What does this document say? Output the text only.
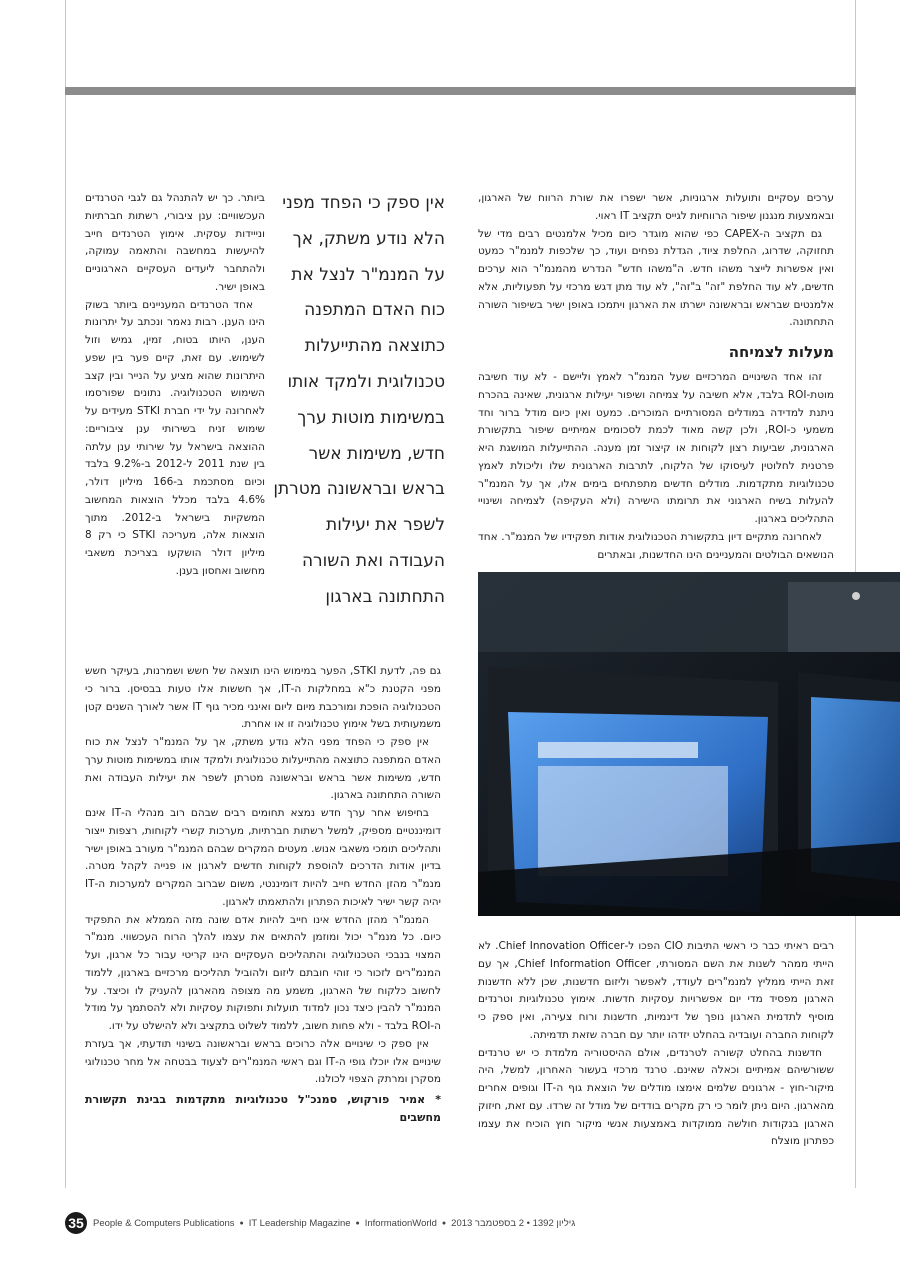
ערכים עסקיים ותועלות ארגוניות, אשר ישפרו את שורת הרווח של הארגון, ובאמצעות מנגנון שיפור הרווחיות לגייס תקציב IT ראוי.

גם תקציב ה-CAPEX כפי שהוא מוגדר כיום מכיל אלמנטים רבים מדי של תחזוקה, שדרוג, החלפת ציוד, הגדלת נפחים ועוד, כך שלכפות למנמ"ר כמעט ואין אפשרות לייצר משהו חדש. ה"משהו חדש" הנדרש מהמנמ"ר הוא ערכים חדשים, לא עוד החלפת "זה" ב"זה", לא עוד מתן דגש מרכזי על תפעוליות, אלא אלמנטים שבראש ובראשונה ישרתו את הארגון ויתמכו באופן ישיר בשיפור השורה התחתונה.

מעלות לצמיחה

זהו אחד השינויים המרכזיים שעל המנמ"ר לאמץ וליישם - לא עוד חשיבה מוטת-ROI בלבד, אלא חשיבה על צמיחה ושיפור יעילות ארגונית, שאינה בהכרח ניתנת למדידה במודלים המסורתיים המוכרים. כמעט ואין כיום מודל ברור וחד משמעי כ-ROI, ולכן קשה מאוד לכמת לסכומים אמיתיים שיפור בתקשורת הארגונית, שביעות רצון לקוחות או קיצור זמן מענה. ההתייעלות המושגת היא פרטנית לחלוטין לעיסוקו של הלקוח, לתרבות הארגונית שלו וליכולת לאמץ טכנולוגיות מתקדמות. מודלים חדשים מתפתחים בימים אלו, אך על המנמ"ר להעלות בשיח הארגוני את תרומתו הישירה (ולא העקיפה) לצמיחה ושינויי התהליכים בארגון.

לאחרונה מתקיים דיון בתקשורת הטכנולוגית אודות תפקידיו של המנמ"ר. אחד הנושאים הבולטים והמעניינים הינו החדשנות, ובאתרים

רבים ראיתי כבר כי ראשי התיבות CIO הפכו ל-Chief Innovation Officer. לא הייתי ממהר לשנות את השם המסורתי, Chief Information Officer, אך עם זאת הייתי ממליץ למנמ"רים לעודד, לאפשר וליזום חדשנות, שכן ללא חדשנות הארגון מפסיד מדי יום אפשרויות עסקיות חדשות. אימוץ טכנולוגיות וטרנדים מוסיף לתדמית הארגון נופך של דינמיות, חדשנות ורוח צעירה, ואין ספק כי לקוחות החברה ועובדיה בהחלט יזדהו יותר עם חברה שזאת תדמיתה.

חדשנות בהחלט קשורה לטרנדים, אולם ההיסטוריה מלמדת כי יש טרנדים ששורשיהם אמיתיים וכאלה שאינם. טרנד מרכזי בעשור האחרון, למשל, היה מיקור-חוץ - ארגונים שלמים אימצו מודלים של הוצאת גוף ה-IT וגופים אחרים מהארגון. היום ניתן לומר כי רק מקרים בודדים של מודל זה שרדו. עם זאת, חיזוק הארגון בנקודות חולשה ממוקדות באמצעות אנשי מיקור חוץ הוכיח את עצמו כפתרון מוצלח

אין ספק כי הפחד מפני
הלא נודע משתק, אך
על המנמ"ר לנצל את
כוח האדם המתפנה
כתוצאה מהתייעלות
טכנולוגית ולמקד אותו
במשימות מוטות ערך
חדש, משימות אשר
בראש ובראשונה מטרתן
לשפר את יעילות
העבודה ואת השורה
התחתונה בארגון

ביותר. כך יש להתנהל גם לגבי הטרנדים העכשוויים: ענן ציבורי, רשתות חברתיות ונייידות עסקית. אימוץ הטרנדים חייב להיעשות במחשבה והתאמה עמוקה, ולהתחבר ליעדים העסקיים הארגוניים באופן ישיר.

אחד הטרנדים המעניינים ביותר בשוק הינו הענן. רבות נאמר ונכתב על יתרונות הענן, היותו בטוח, זמין, גמיש וזול לשימוש. עם זאת, קיים פער בין שפע היתרונות שהוא מציע על הנייר ובין קצב השימוש הטכנולוגיה. נתונים שפורסמו לאחרונה על ידי חברת STKI מעידים על שימוש זניח בשירותי ענן ציבוריים: ההוצאה בישראל על שירותי ענן עלתה בין שנת 2011 ל-2012 ב-9.2% בלבד וכיום מסתכמת ב-166 מיליון דולר, 4.6% בלבד מכלל הוצאות המחשוב המשקיות בישראל ב-2012. מתוך הוצאות אלה, מעריכה STKI כי רק 8 מיליון דולר הושקעו בצריכת משאבי מחשוב ואחסון בענן.

גם פה, לדעת STKI, הפער במימוש הינו תוצאה של חשש ושמרנות, בעיקר חשש מפני הקטנת כ"א במחלקות ה-IT, אך חששות אלו טעות בבסיסן. ברור כי הטכנולוגיה הופכת ומורכבת מיום ליום ואינני מכיר גוף IT אשר לאורך השנים קטן משמעותית בשל אימוץ טכנולוגיה זו או אחרת.

אין ספק כי הפחד מפני הלא נודע משתק, אך על המנמ"ר לנצל את כוח האדם המתפנה כתוצאה מהתייעלות טכנולוגית ולמקד אותו במשימות מוטות ערך חדש, משימות אשר בראש ובראשונה מטרתן לשפר את יעילות העבודה ואת השורה התחתונה בארגון.

בחיפוש אחר ערך חדש נמצא תחומים רבים שבהם רוב מנהלי ה-IT אינם דומיננטיים מספיק, למשל רשתות חברתיות, מערכות קשרי לקוחות, רצפות ייצור ותהליכים תומכי משאבי אנוש. מעטים המקרים שבהם המנמ"ר מעורב באופן ישיר בדיון אודות הדרכים להוספת לקוחות חדשים לארגון או פנייה לקהל מטרה. מנמ"ר מהזן החדש חייב להיות דומיננטי, משום שברוב המקרים למערכות ה-IT יהיה קשר ישיר לאיכות הפתרון ולהתאמתו לארגון.

המנמ"ר מהזן החדש אינו חייב להיות אדם שונה מזה הממלא את התפקיד כיום. כל מנמ"ר יכול ומוזמן להתאים את עצמו להלך הרוח העכשווי. מנמ"ר המצוי בנבכי הטכנולוגיה והתהליכים העסקיים הינו קריטי עבור כל ארגון, ועל המנמ"רים לזכור כי זוהי חובתם ליזום ולהוביל תהליכים מרכזיים בארגון, ללמוד לחשוב כלקוח של הארגון, משמע מה מצופה מהארגון להעניק לו וכיצד. על המנמ"ר להבין כיצד נכון למדוד תועלות ותפוקות עסקיות ולא להסתמך על מודל ה-ROI בלבד - ולא פחות חשוב, ללמוד לשלוט בתקציב ולא להישלט על ידו.

אין ספק כי שינויים אלה כרוכים בראש ובראשונה בשינוי תודעתי, אך בעזרת שינויים אלו יוכלו גופי ה-IT וגם ראשי המנמ"רים לצעוד בבטחה אל מחר טכנולוגי מסקרן ומרתק הצפוי לכולנו.

* אמיר פורקוש, סמנכ"ל טכנולוגיות מתקדמות בבינת תקשורת מחשבים
35 People & Computers Publications ● IT Leadership Magazine ● InformationWorld ● גיליון 1392 • 2 בספטמבר 2013
